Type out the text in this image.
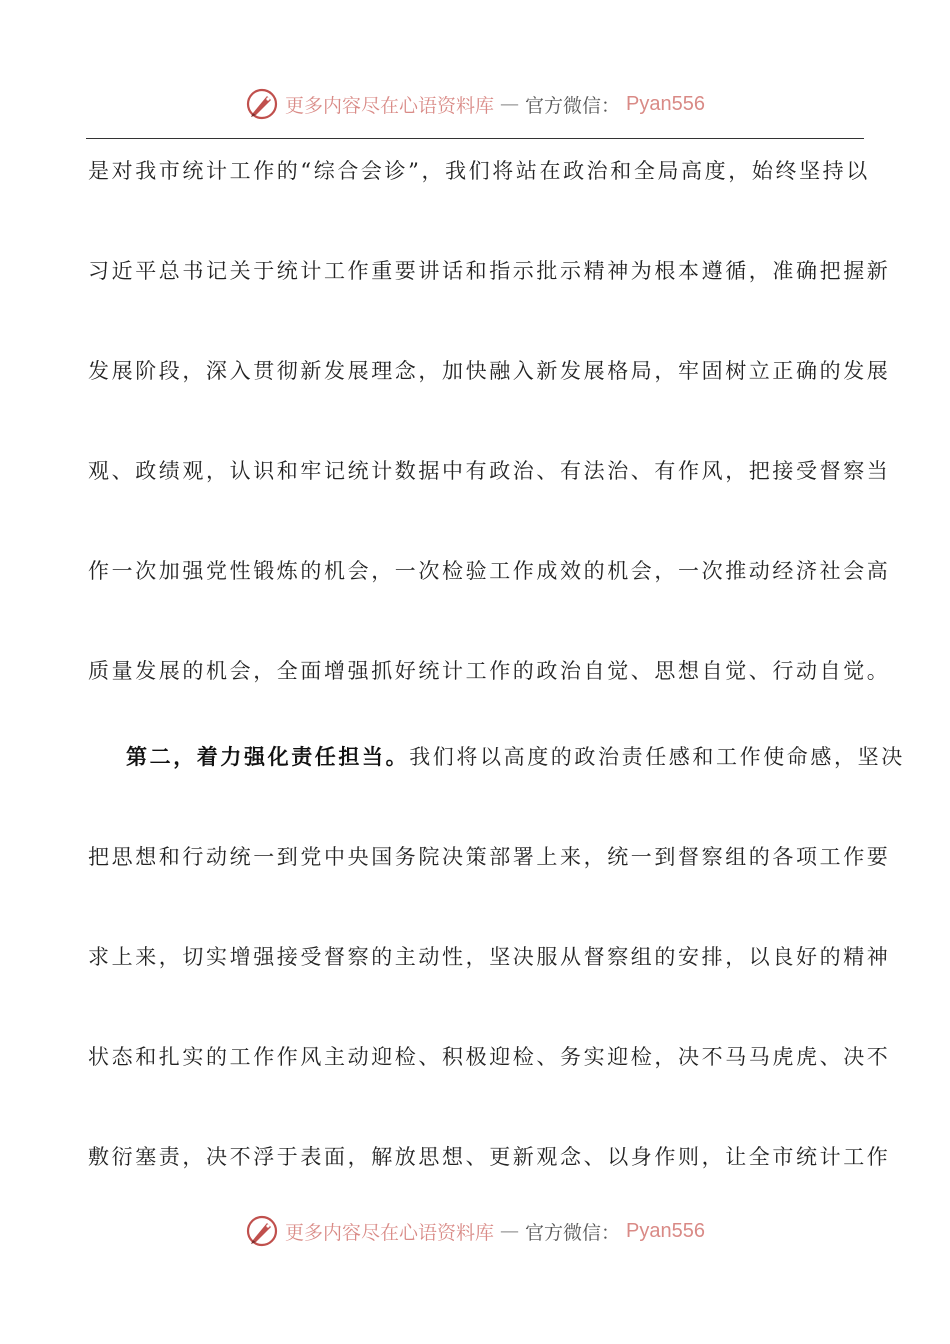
更多内容尽在心语资料库 — 官方微信： Pyan556
是对我市统计工作的“综合会诊”，我们将站在政治和全局高度，始终坚持以
习近平总书记关于统计工作重要讲话和指示批示精神为根本遵循，准确把握新
发展阶段，深入贯彻新发展理念，加快融入新发展格局，牢固树立正确的发展
观、政绩观，认识和牢记统计数据中有政治、有法治、有作风，把接受督察当
作一次加强党性锻炼的机会，一次检验工作成效的机会，一次推动经济社会高
质量发展的机会，全面增强抓好统计工作的政治自觉、思想自觉、行动自觉。
第二，着力强化责任担当。我们将以高度的政治责任感和工作使命感，坚决
把思想和行动统一到党中央国务院决策部署上来，统一到督察组的各项工作要
求上来，切实增强接受督察的主动性，坚决服从督察组的安排，以良好的精神
状态和扎实的工作作风主动迎检、积极迎检、务实迎检，决不马马虎虎、决不
敷衍塞责，决不浮于表面，解放思想、更新观念、以身作则，让全市统计工作
更多内容尽在心语资料库 — 官方微信： Pyan556
